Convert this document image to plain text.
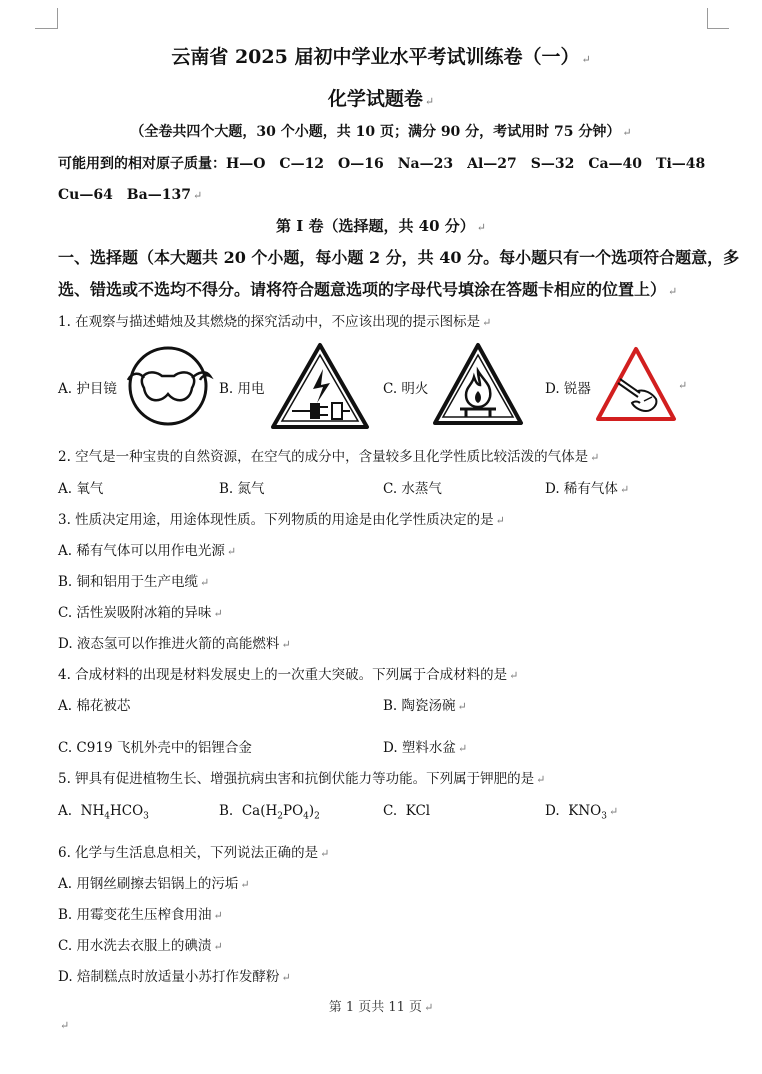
云南省 2025 届初中学业水平考试训练卷（一） ↵
化学试题卷 ↵
（全卷共四个大题，30 个小题，共 10 页；满分 90 分，考试用时 75 分钟） ↵
可能用到的相对原子质量：H—O　C—12　O—16　Na—23　Al—27　S—32　Ca—40　Ti—48
Cu—64　Ba—137 ↵
第 I 卷（选择题，共 40 分） ↵
一、选择题（本大题共 20 个小题，每小题 2 分，共 40 分。每小题只有一个选项符合题意，多
选、错选或不选均不得分。请将符合题意选项的字母代号填涂在答题卡相应的位置上） ↵
1. 在观察与描述蜡烛及其燃烧的探究活动中，不应该出现的提示图标是 ↵
A. 护目镜	B. 用电	C. 明火	D. 锐器	↵
2. 空气是一种宝贵的自然资源，在空气的成分中，含量较多且化学性质比较活泼的气体是 ↵
A. 氧气	B. 氮气	C. 水蒸气	D. 稀有气体 ↵
3. 性质决定用途，用途体现性质。下列物质的用途是由化学性质决定的是 ↵
A. 稀有气体可以用作电光源 ↵
B. 铜和铝用于生产电缆 ↵
C. 活性炭吸附冰箱的异味 ↵
D. 液态氢可以作推进火箭的高能燃料 ↵
4. 合成材料的出现是材料发展史上的一次重大突破。下列属于合成材料的是 ↵
A. 棉花被芯	B. 陶瓷汤碗 ↵
C. C919 飞机外壳中的铝锂合金	D. 塑料水盆 ↵
5. 钾具有促进植物生长、增强抗病虫害和抗倒伏能力等功能。下列属于钾肥的是 ↵
A. $NH_4HCO_3$	B. $Ca(H_2PO_4)_2$	C. KCl	D. $KNO_3$ ↵
6. 化学与生活息息相关，下列说法正确的是 ↵
A. 用钢丝刷擦去铝锅上的污垢 ↵
B. 用霉变花生压榨食用油 ↵
C. 用水洗去衣服上的碘渍 ↵
D. 焙制糕点时放适量小苏打作发酵粉 ↵
第 1 页共 11 页 ↵
↵
